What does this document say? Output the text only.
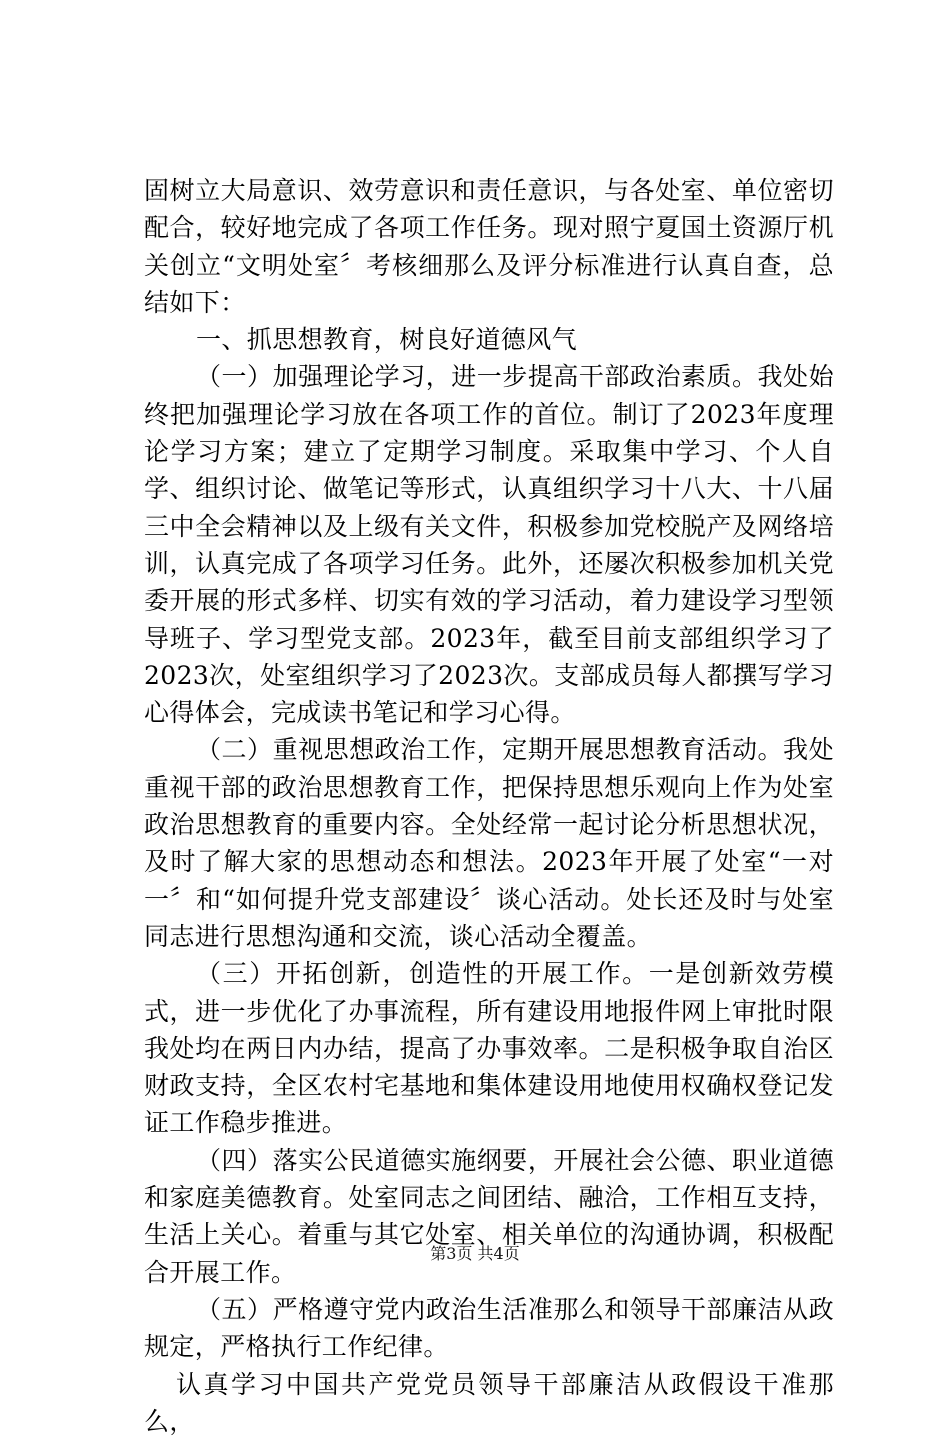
固树立大局意识、效劳意识和责任意识，与各处室、单位密切配合，较好地完成了各项工作任务。现对照宁夏国土资源厅机关创立“文明处室〞考核细那么及评分标准进行认真自查，总结如下：

一、抓思想教育，树良好道德风气

（一）加强理论学习，进一步提高干部政治素质。我处始终把加强理论学习放在各项工作的首位。制订了2023年度理论学习方案；建立了定期学习制度。采取集中学习、个人自学、组织讨论、做笔记等形式，认真组织学习十八大、十八届三中全会精神以及上级有关文件，积极参加党校脱产及网络培训，认真完成了各项学习任务。此外，还屡次积极参加机关党委开展的形式多样、切实有效的学习活动，着力建设学习型领导班子、学习型党支部。2023年，截至目前支部组织学习了2023次，处室组织学习了2023次。支部成员每人都撰写学习心得体会，完成读书笔记和学习心得。

（二）重视思想政治工作，定期开展思想教育活动。我处重视干部的政治思想教育工作，把保持思想乐观向上作为处室政治思想教育的重要内容。全处经常一起讨论分析思想状况，及时了解大家的思想动态和想法。2023年开展了处室“一对一〞和“如何提升党支部建设〞谈心活动。处长还及时与处室同志进行思想沟通和交流，谈心活动全覆盖。

（三）开拓创新，创造性的开展工作。一是创新效劳模式，进一步优化了办事流程，所有建设用地报件网上审批时限我处均在两日内办结，提高了办事效率。二是积极争取自治区财政支持，全区农村宅基地和集体建设用地使用权确权登记发证工作稳步推进。

（四）落实公民道德实施纲要，开展社会公德、职业道德和家庭美德教育。处室同志之间团结、融洽，工作相互支持，生活上关心。着重与其它处室、相关单位的沟通协调，积极配合开展工作。

（五）严格遵守党内政治生活准那么和领导干部廉洁从政规定，严格执行工作纪律。

认真学习中国共产党党员领导干部廉洁从政假设干准那么，

第3页 共4页
